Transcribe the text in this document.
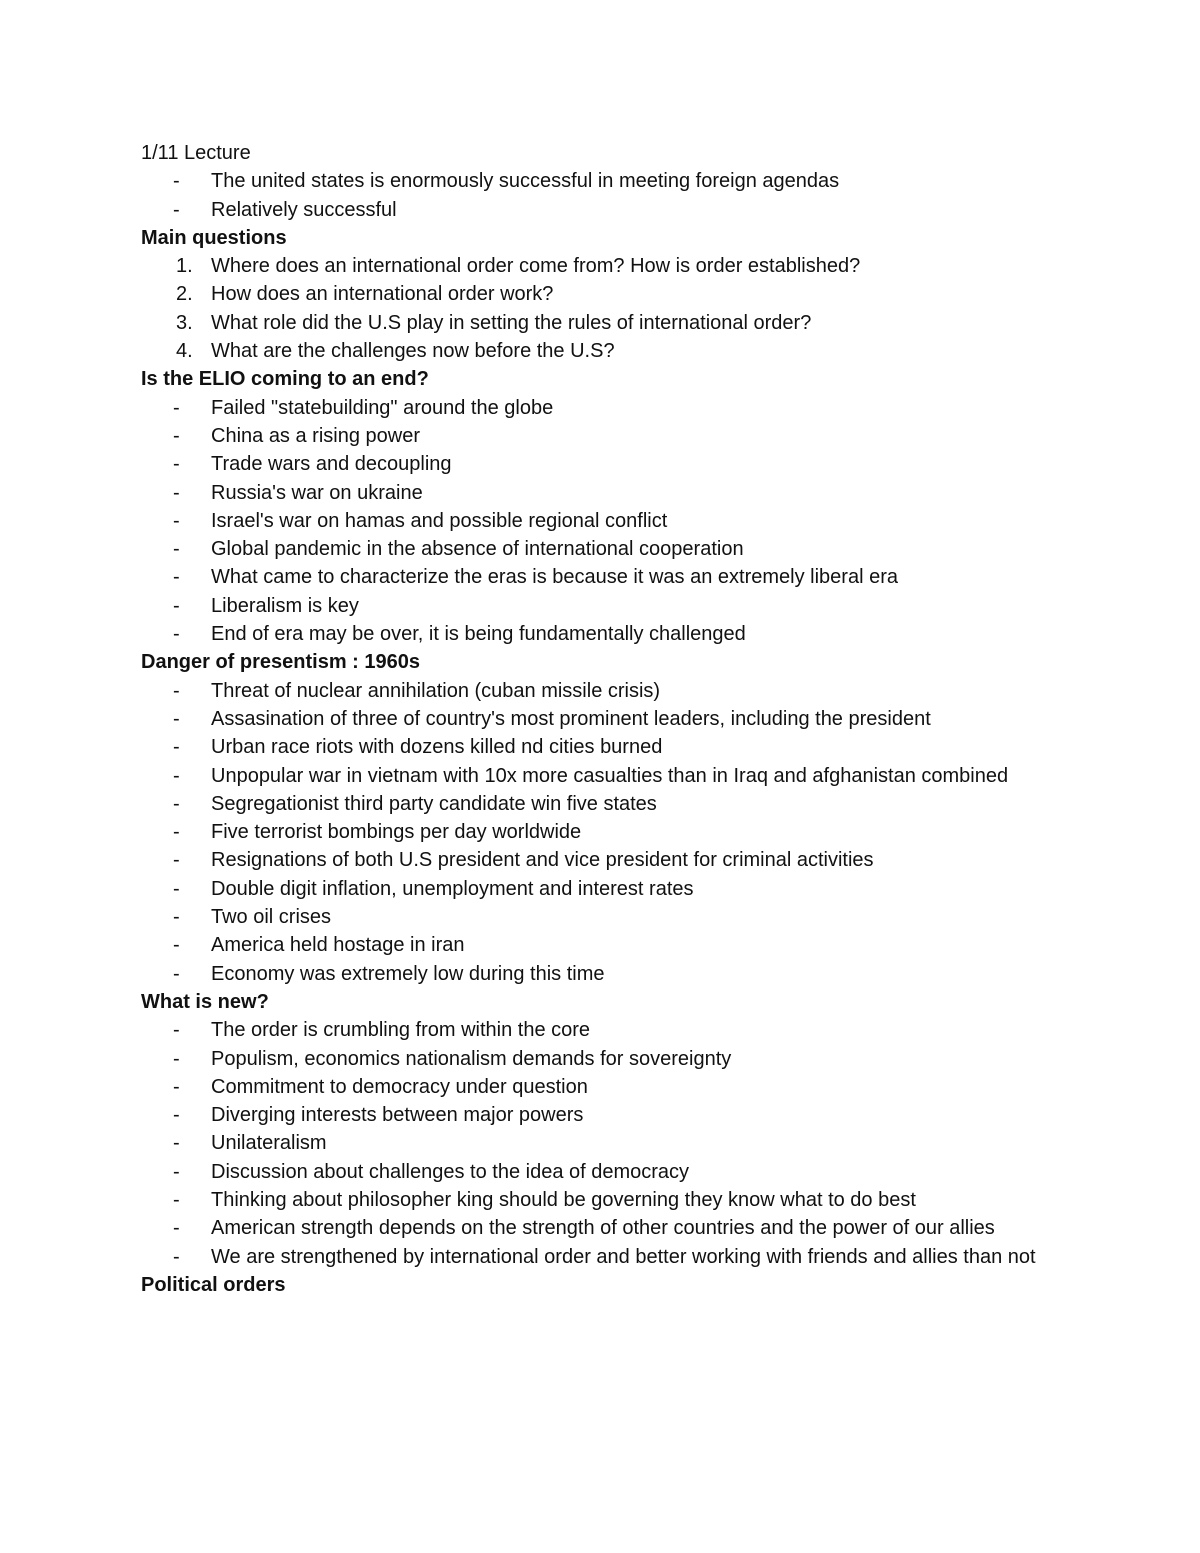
1/11 Lecture
-	The united states is enormously successful in meeting foreign agendas
-	Relatively successful
Main questions
1. Where does an international order come from? How is order established?
2. How does an international order work?
3. What role did the U.S play in setting the rules of international order?
4. What are the challenges now before the U.S?
Is the ELIO coming to an end?
-	Failed "statebuilding" around the globe
-	China as a rising power
-	Trade wars and decoupling
-	Russia's war on ukraine
-	Israel's war on hamas and possible regional conflict
-	Global pandemic in the absence of international cooperation
-	What came to characterize the eras is because it was an extremely liberal era
-	Liberalism is key
-	End of era may be over, it is being fundamentally challenged
Danger of presentism : 1960s
-	Threat of nuclear annihilation (cuban missile crisis)
-	Assasination of three of country's most prominent leaders, including the president
-	Urban race riots with dozens killed nd cities burned
-	Unpopular war in vietnam with 10x more casualties than in Iraq and afghanistan combined
-	Segregationist third party candidate win five states
-	Five terrorist bombings per day worldwide
-	Resignations of both U.S president and vice president for criminal activities
-	Double digit inflation, unemployment and interest rates
-	Two oil crises
-	America held hostage in iran
-	Economy was extremely low during this time
What is new?
-	The order is crumbling from within the core
-	Populism, economics nationalism demands for sovereignty
-	Commitment to democracy under question
-	Diverging interests between major powers
-	Unilateralism
-	Discussion about challenges to the idea of democracy
-	Thinking about philosopher king should be governing they know what to do best
-	American strength depends on the strength of other countries and the power of our allies
-	We are strengthened by international order and better working with friends and allies than not
Political orders
